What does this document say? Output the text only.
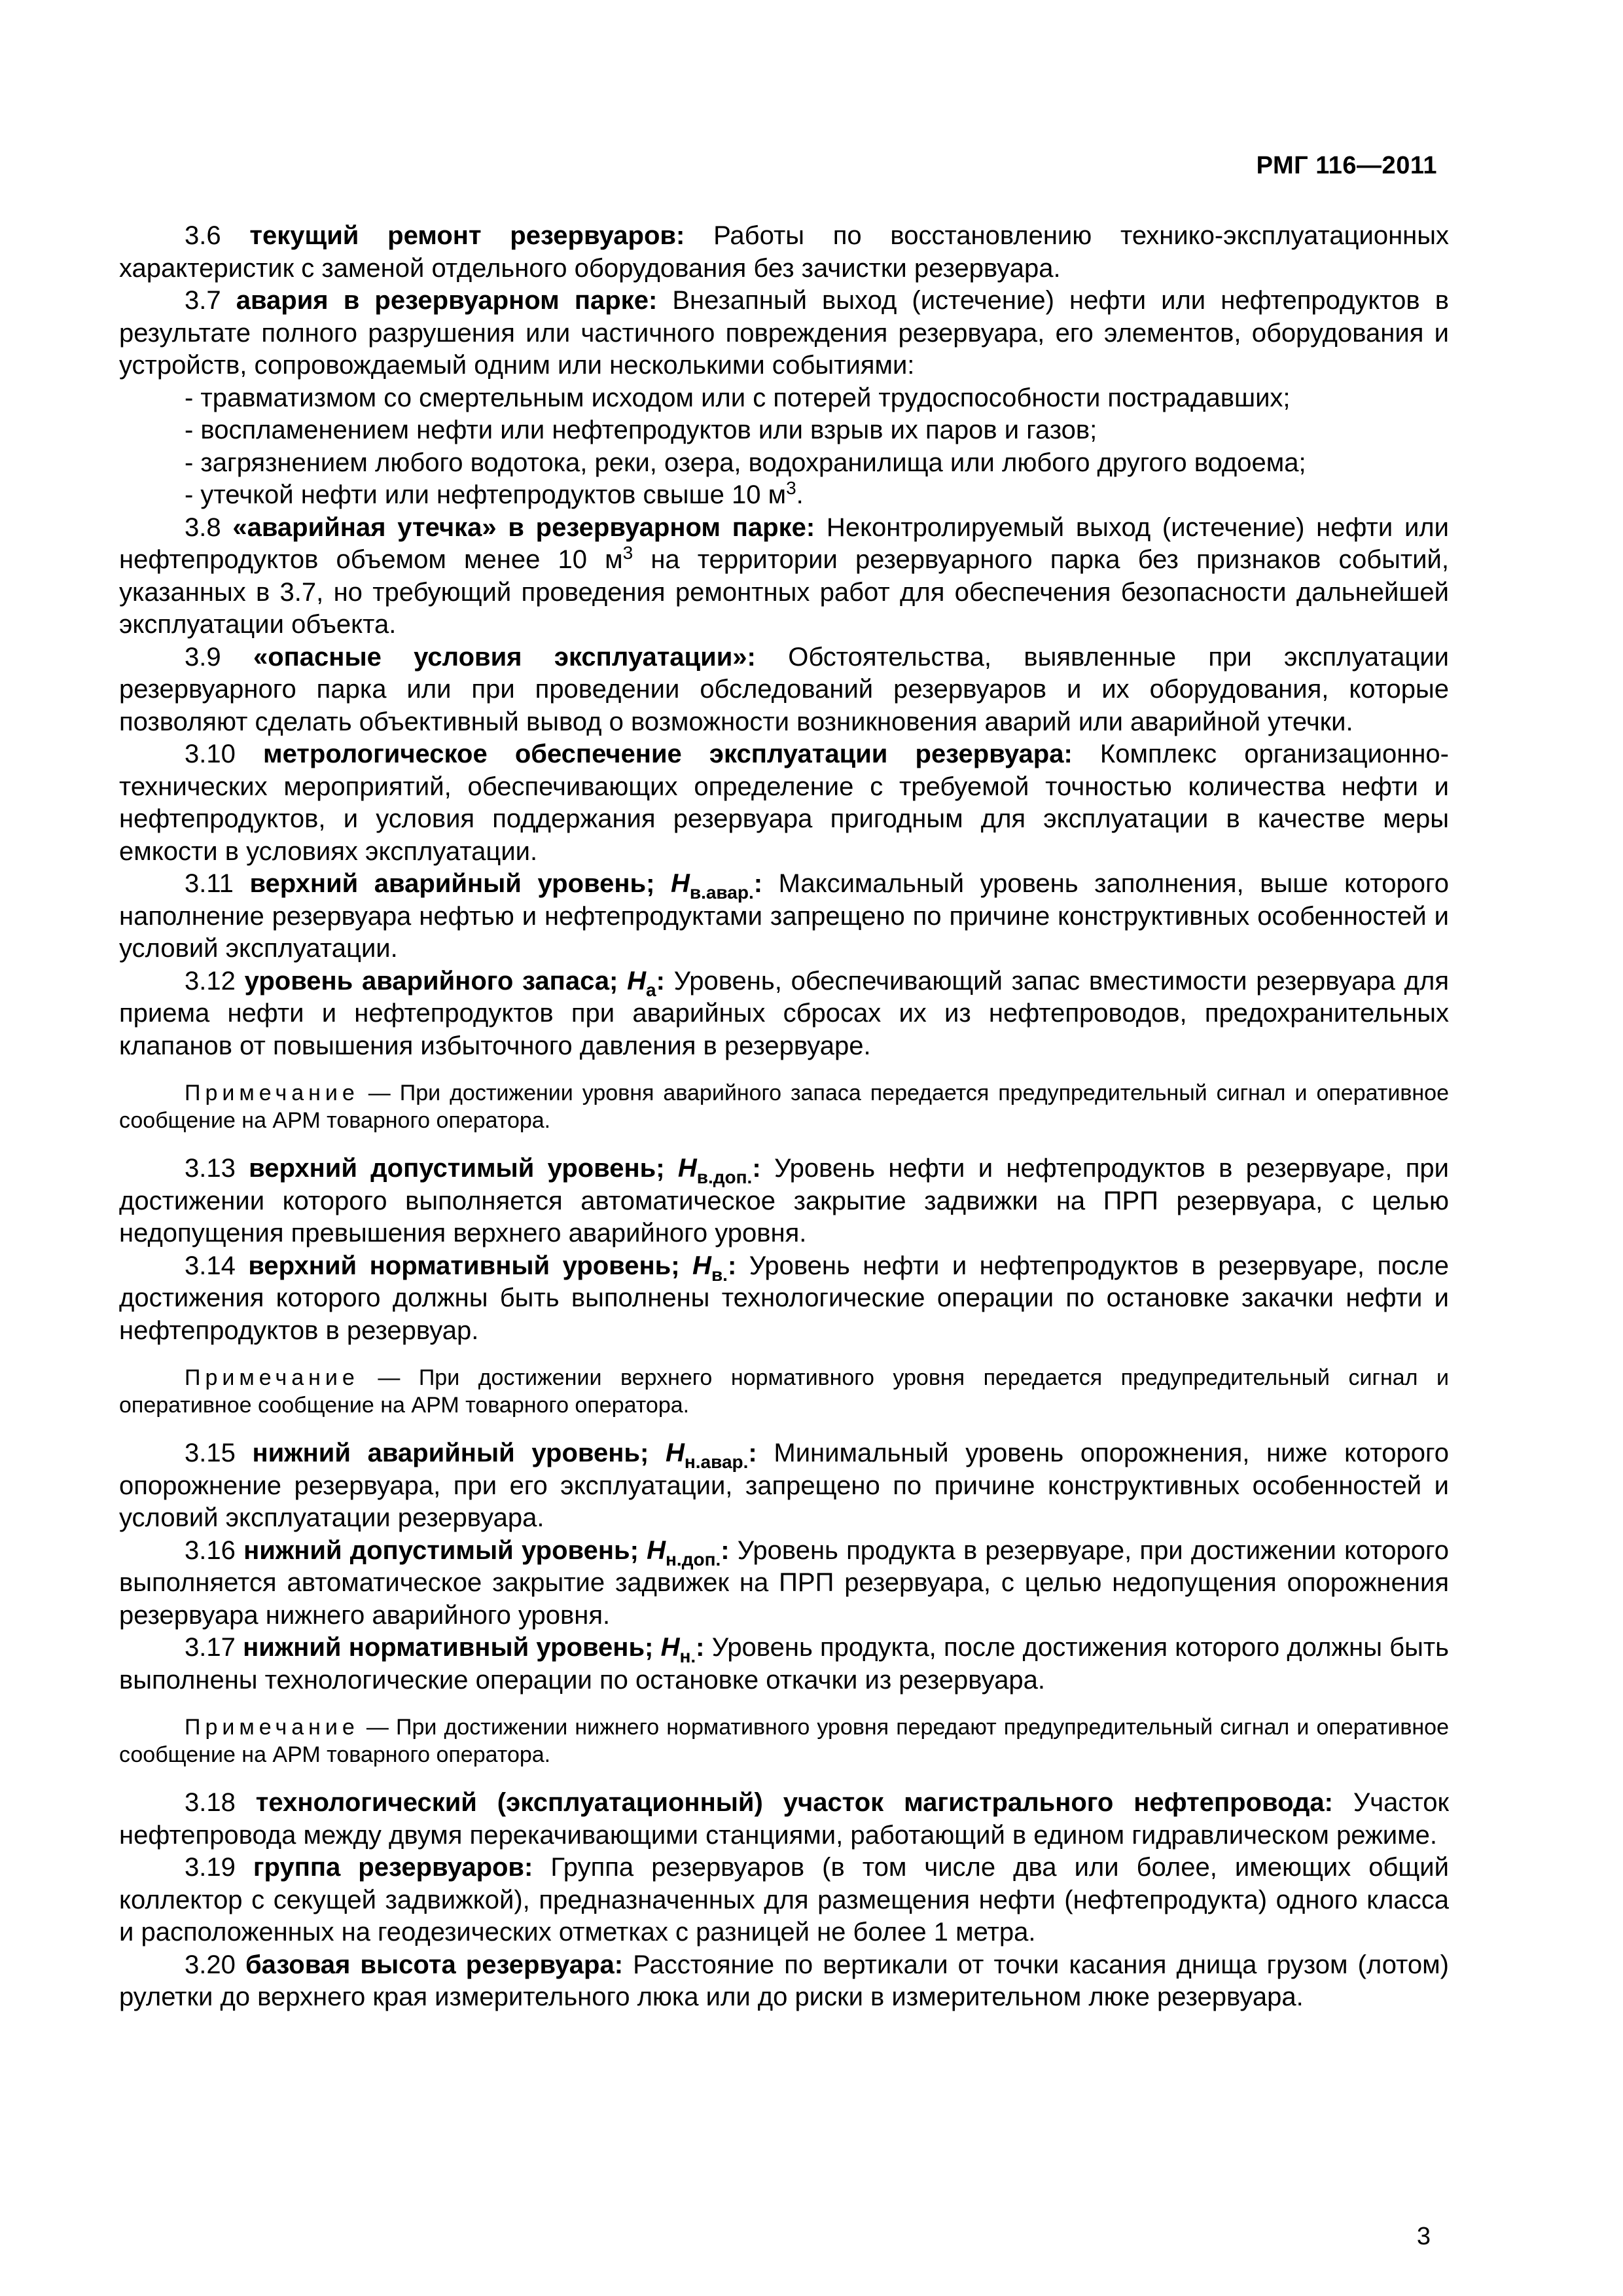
РМГ 116—2011

3.6 текущий ремонт резервуаров: Работы по восстановлению технико-эксплуатационных характеристик с заменой отдельного оборудования без зачистки резервуара.

3.7 авария в резервуарном парке: Внезапный выход (истечение) нефти или нефтепродуктов в результате полного разрушения или частичного повреждения резервуара, его элементов, оборудования и устройств, сопровождаемый одним или несколькими событиями:

- травматизмом со смертельным исходом или с потерей трудоспособности пострадавших;

- воспламенением нефти или нефтепродуктов или взрыв их паров и газов;

- загрязнением любого водотока, реки, озера, водохранилища или любого другого водоема;

- утечкой нефти или нефтепродуктов свыше 10 $м^3$.

3.8 «аварийная утечка» в резервуарном парке: Неконтролируемый выход (истечение) нефти или нефтепродуктов объемом менее 10 $м^3$ на территории резервуарного парка без признаков событий, указанных в 3.7, но требующий проведения ремонтных работ для обеспечения безопасности дальнейшей эксплуатации объекта.

3.9 «опасные условия эксплуатации»: Обстоятельства, выявленные при эксплуатации резервуарного парка или при проведении обследований резервуаров и их оборудования, которые позволяют сделать объективный вывод о возможности возникновения аварий или аварийной утечки.

3.10 метрологическое обеспечение эксплуатации резервуара: Комплекс организационно-технических мероприятий, обеспечивающих определение с требуемой точностью количества нефти и нефтепродуктов, и условия поддержания резервуара пригодным для эксплуатации в качестве меры емкости в условиях эксплуатации.

3.11 верхний аварийный уровень; $H_{в.авар.}$: Максимальный уровень заполнения, выше которого наполнение резервуара нефтью и нефтепродуктами запрещено по причине конструктивных особенностей и условий эксплуатации.

3.12 уровень аварийного запаса; $H_а$: Уровень, обеспечивающий запас вместимости резервуара для приема нефти и нефтепродуктов при аварийных сбросах их из нефтепроводов, предохранительных клапанов от повышения избыточного давления в резервуаре.

Примечание — При достижении уровня аварийного запаса передается предупредительный сигнал и оперативное сообщение на АРМ товарного оператора.

3.13 верхний допустимый уровень; $H_{в.доп.}$: Уровень нефти и нефтепродуктов в резервуаре, при достижении которого выполняется автоматическое закрытие задвижки на ПРП резервуара, с целью недопущения превышения верхнего аварийного уровня.

3.14 верхний нормативный уровень; $H_{в.}$: Уровень нефти и нефтепродуктов в резервуаре, после достижения которого должны быть выполнены технологические операции по остановке закачки нефти и нефтепродуктов в резервуар.

Примечание — При достижении верхнего нормативного уровня передается предупредительный сигнал и оперативное сообщение на АРМ товарного оператора.

3.15 нижний аварийный уровень; $H_{н.авар.}$: Минимальный уровень опорожнения, ниже которого опорожнение резервуара, при его эксплуатации, запрещено по причине конструктивных особенностей и условий эксплуатации резервуара.

3.16 нижний допустимый уровень; $H_{н.доп.}$: Уровень продукта в резервуаре, при достижении которого выполняется автоматическое закрытие задвижек на ПРП резервуара, с целью недопущения опорожнения резервуара нижнего аварийного уровня.

3.17 нижний нормативный уровень; $H_{н.}$: Уровень продукта, после достижения которого должны быть выполнены технологические операции по остановке откачки из резервуара.

Примечание — При достижении нижнего нормативного уровня передают предупредительный сигнал и оперативное сообщение на АРМ товарного оператора.

3.18 технологический (эксплуатационный) участок магистрального нефтепровода: Участок нефтепровода между двумя перекачивающими станциями, работающий в едином гидравлическом режиме.

3.19 группа резервуаров: Группа резервуаров (в том числе два или более, имеющих общий коллектор с секущей задвижкой), предназначенных для размещения нефти (нефтепродукта) одного класса и расположенных на геодезических отметках с разницей не более 1 метра.

3.20 базовая высота резервуара: Расстояние по вертикали от точки касания днища грузом (лотом) рулетки до верхнего края измерительного люка или до риски в измерительном люке резервуара.

3
